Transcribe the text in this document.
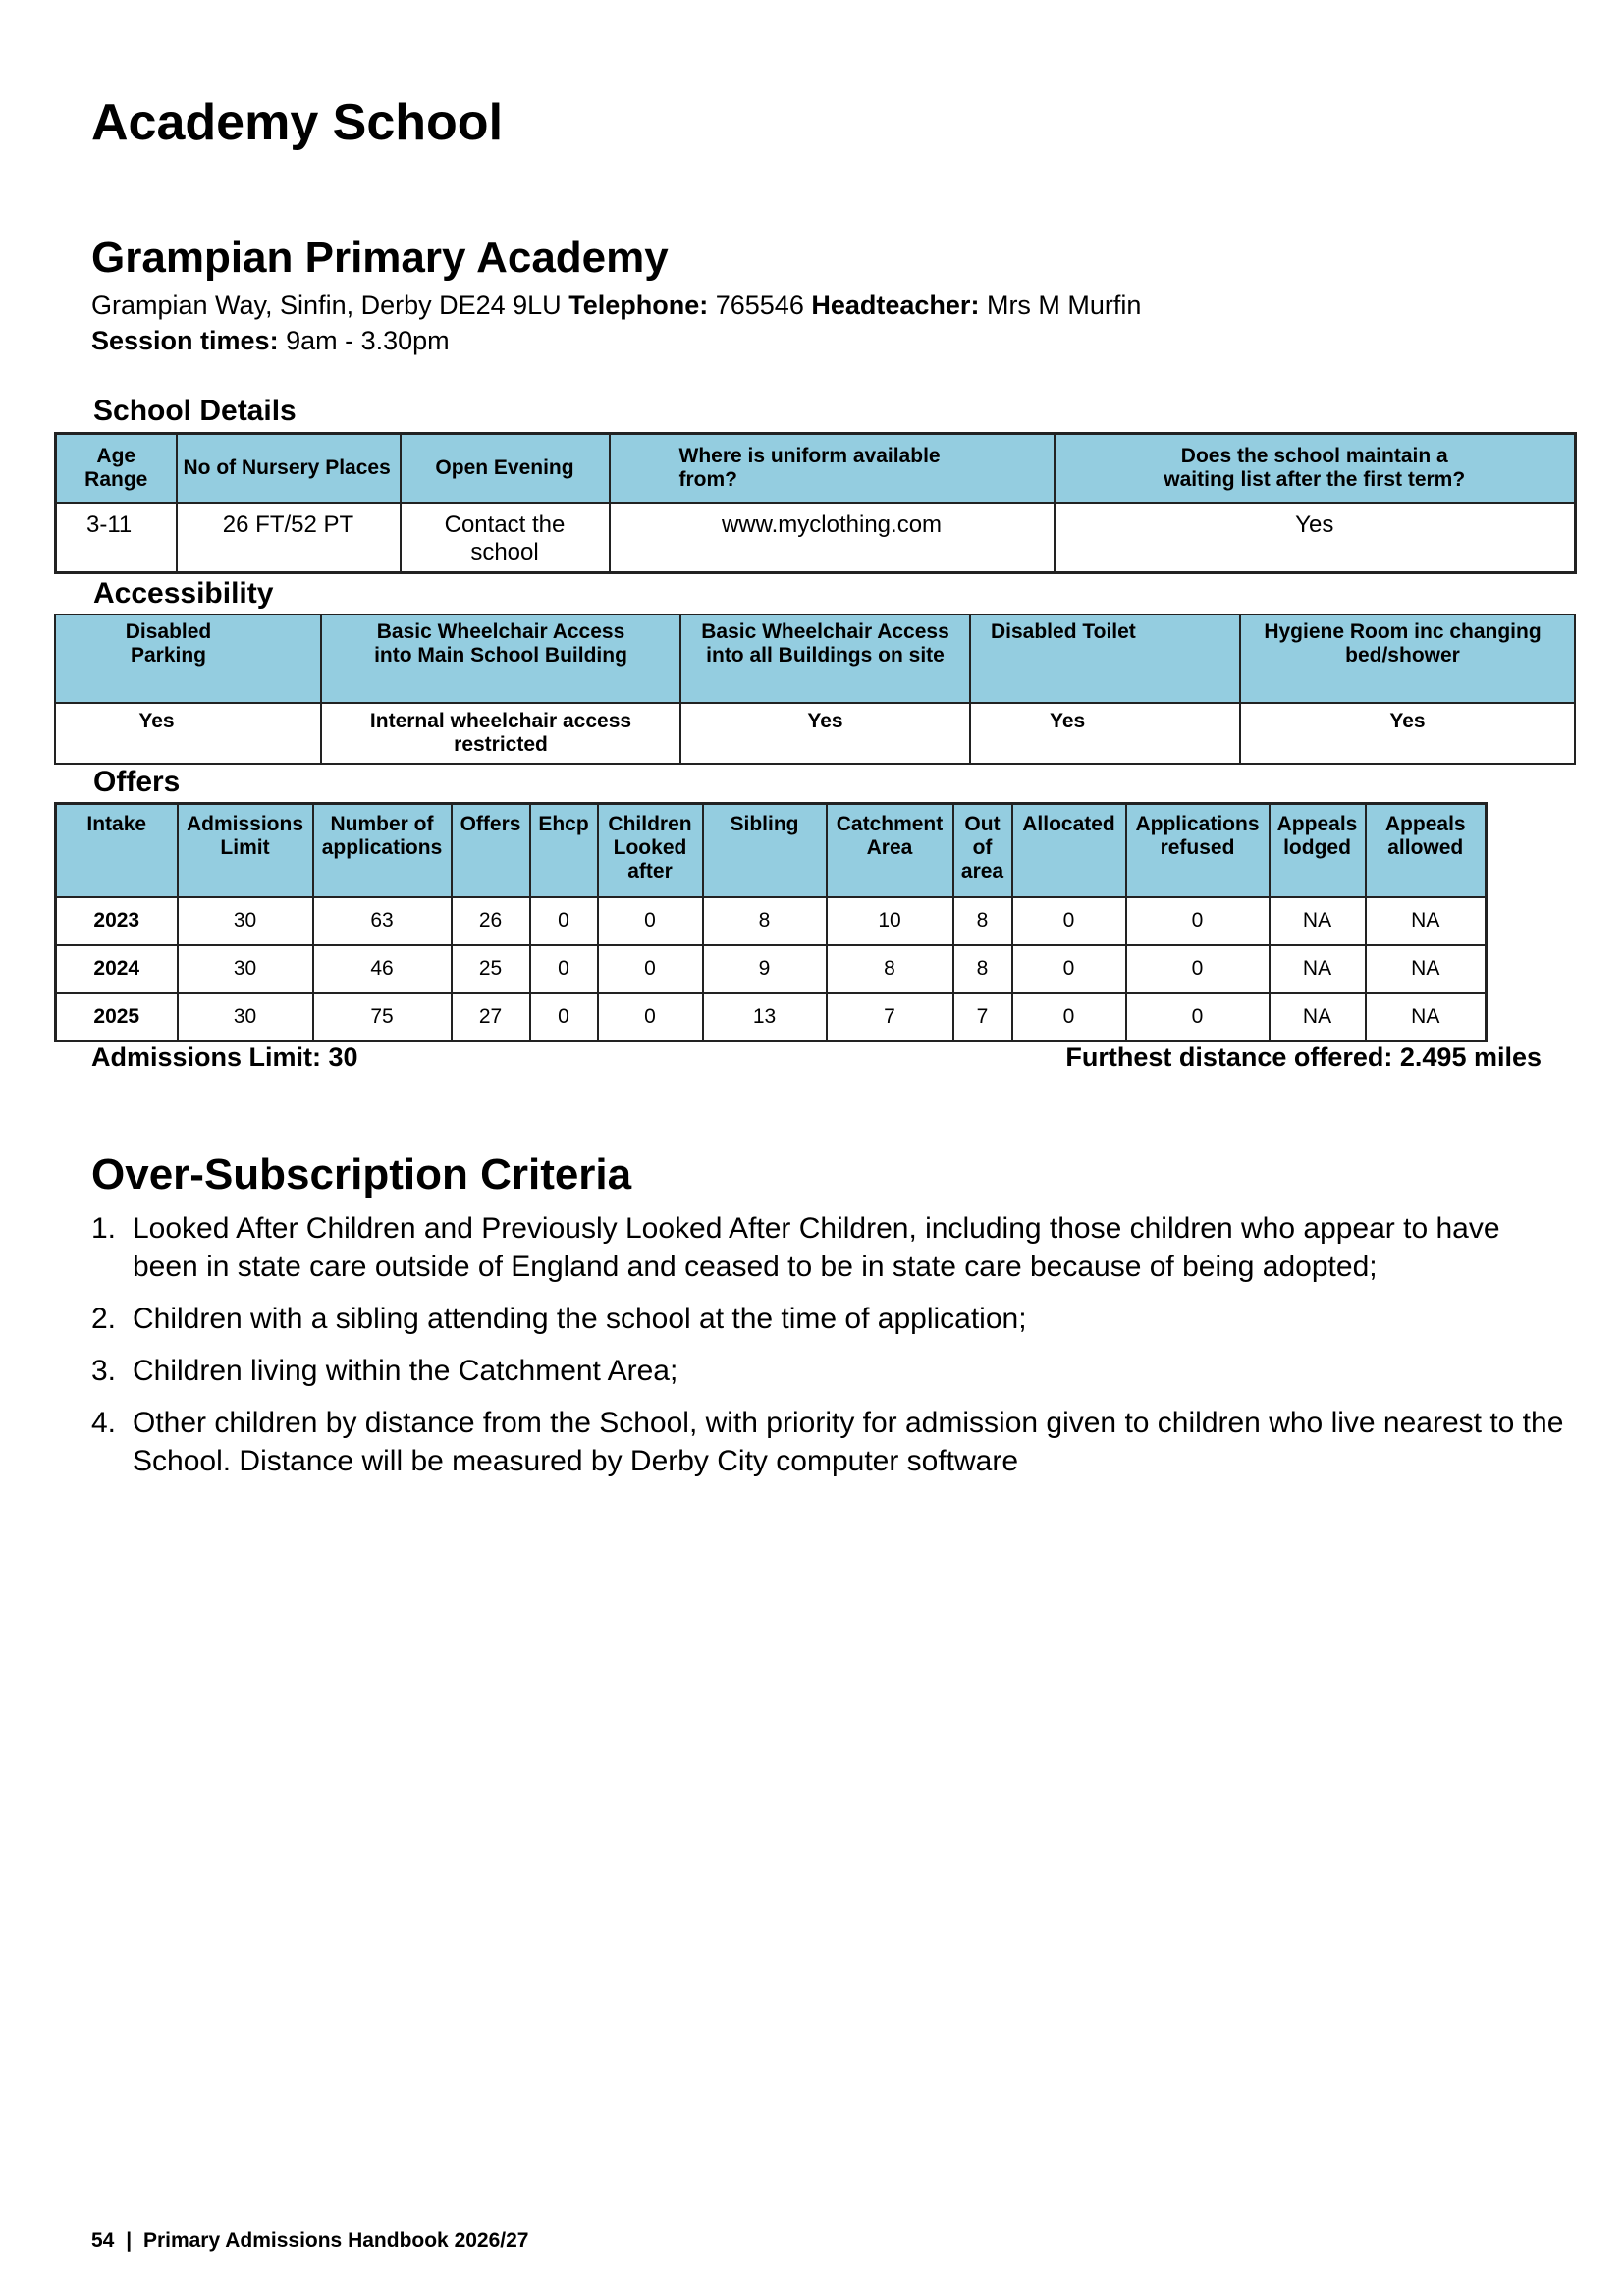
Academy School
Grampian Primary Academy
Grampian Way, Sinfin, Derby DE24 9LU Telephone: 765546 Headteacher: Mrs M Murfin
Session times: 9am - 3.30pm
School Details
Age Range	No of Nursery Places	Open Evening	Where is uniform available from?	Does the school maintain a waiting list after the first term?
3-11	26 FT/52 PT	Contact the school	www.myclothing.com	Yes
Accessibility
Disabled Parking	Basic Wheelchair Access into Main School Building	Basic Wheelchair Access into all Buildings on site	Disabled Toilet	Hygiene Room inc changing bed/shower
Yes	Internal wheelchair access restricted	Yes	Yes	Yes
Offers
Intake	Admissions Limit	Number of applications	Offers	Ehcp	Children Looked after	Sibling	Catchment Area	Out of area	Allocated	Applications refused	Appeals lodged	Appeals allowed
2023	30	63	26	0	0	8	10	8	0	0	NA	NA
2024	30	46	25	0	0	9	8	8	0	0	NA	NA
2025	30	75	27	0	0	13	7	7	0	0	NA	NA
Admissions Limit: 30	Furthest distance offered: 2.495 miles
Over-Subscription Criteria
1. Looked After Children and Previously Looked After Children, including those children who appear to have been in state care outside of England and ceased to be in state care because of being adopted;
2. Children with a sibling attending the school at the time of application;
3. Children living within the Catchment Area;
4. Other children by distance from the School, with priority for admission given to children who live nearest to the School. Distance will be measured by Derby City computer software
54 | Primary Admissions Handbook 2026/27
